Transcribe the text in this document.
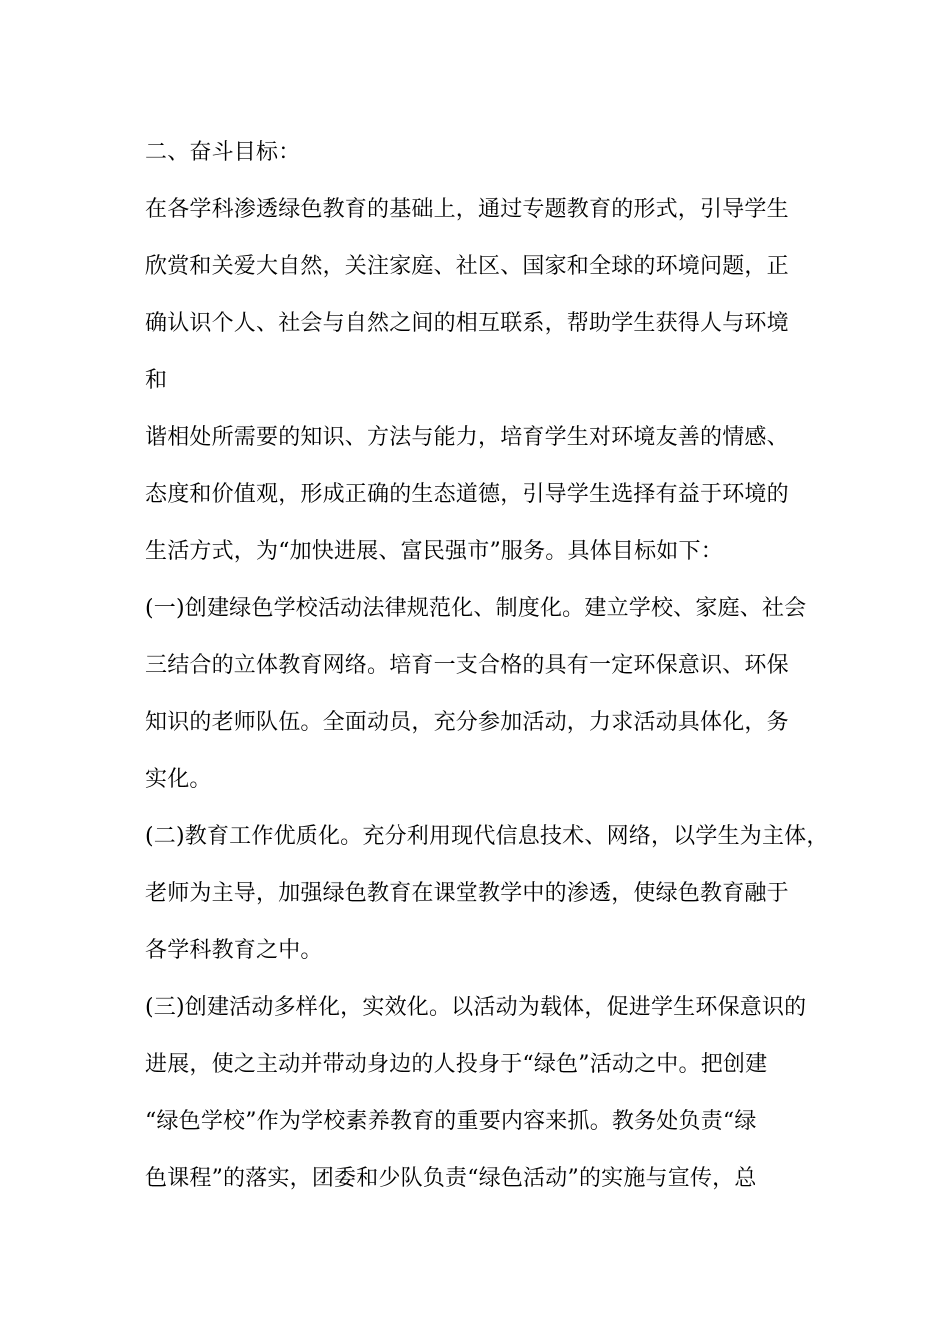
二、奋斗目标：
在各学科渗透绿色教育的基础上，通过专题教育的形式，引导学生
欣赏和关爱大自然，关注家庭、社区、国家和全球的环境问题，正
确认识个人、社会与自然之间的相互联系，帮助学生获得人与环境
和
谐相处所需要的知识、方法与能力，培育学生对环境友善的情感、
态度和价值观，形成正确的生态道德，引导学生选择有益于环境的
生活方式，为“加快进展、富民强市”服务。具体目标如下：
(一)创建绿色学校活动法律规范化、制度化。建立学校、家庭、社会
三结合的立体教育网络。培育一支合格的具有一定环保意识、环保
知识的老师队伍。全面动员，充分参加活动，力求活动具体化，务
实化。
(二)教育工作优质化。充分利用现代信息技术、网络，以学生为主体，
老师为主导，加强绿色教育在课堂教学中的渗透，使绿色教育融于
各学科教育之中。
(三)创建活动多样化，实效化。以活动为载体，促进学生环保意识的
进展，使之主动并带动身边的人投身于“绿色”活动之中。把创建
“绿色学校”作为学校素养教育的重要内容来抓。教务处负责“绿
色课程”的落实，团委和少队负责“绿色活动”的实施与宣传，总
